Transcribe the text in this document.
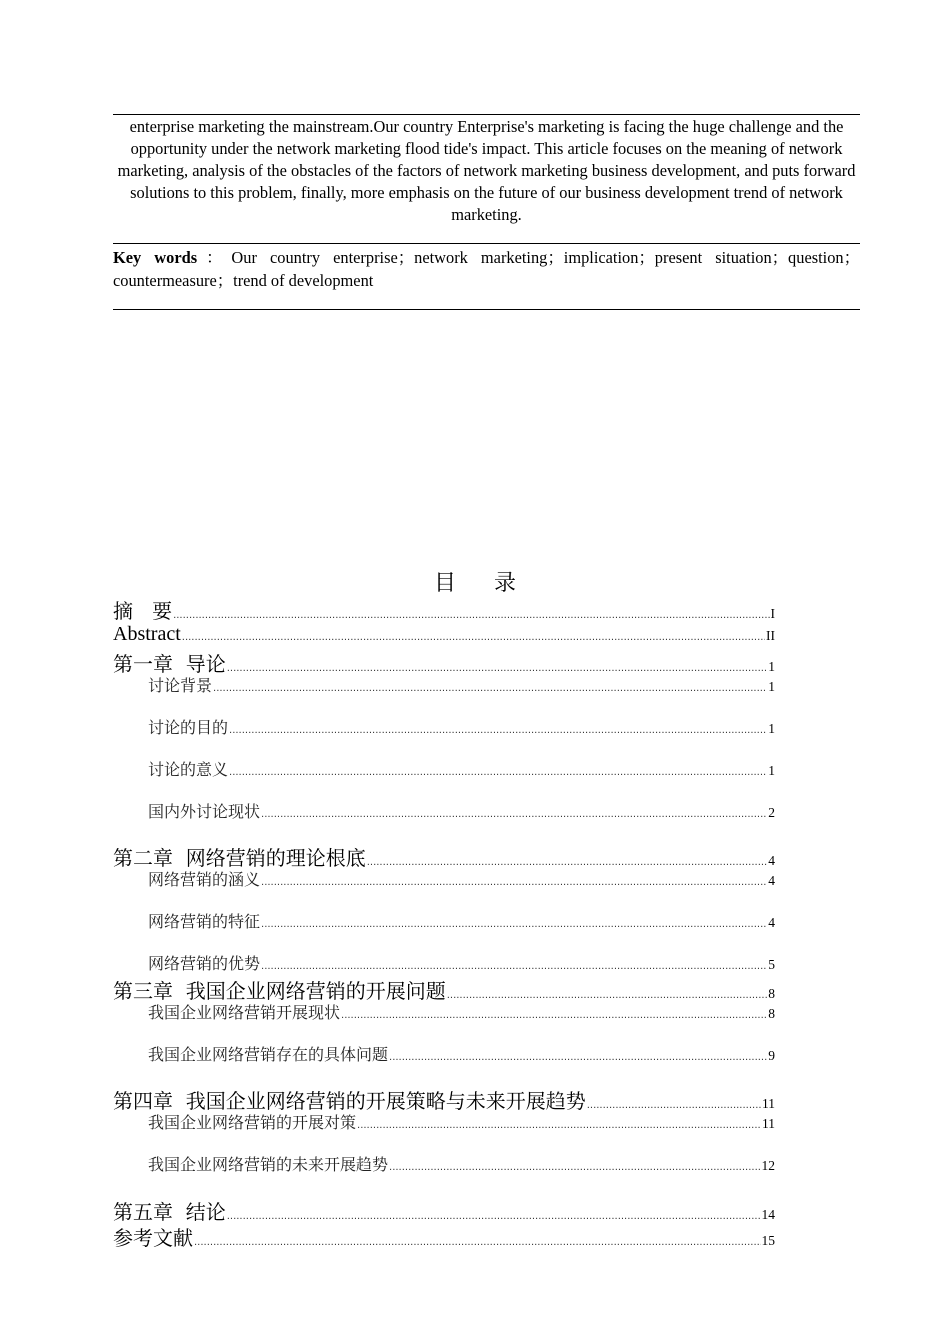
enterprise marketing the mainstream.Our country Enterprise's marketing is facing the huge challenge and the opportunity under the network marketing flood tide's impact. This article focuses on the meaning of network marketing, analysis of the obstacles of the factors of network marketing business development, and puts forward solutions to this problem, finally, more emphasis on the future of our business development trend of network marketing.
Key words：Our country enterprise；network marketing；implication；present situation；question； countermeasure；trend of development
目录
摘   要 .....	I
Abstract .....	II
第一章  导论 .....	1
讨论背景 .....	1
讨论的目的 .....	1
讨论的意义 .....	1
国内外讨论现状 .....	2
第二章  网络营销的理论根底 .....	4
网络营销的涵义 .....	4
网络营销的特征 .....	4
网络营销的优势 .....	5
第三章  我国企业网络营销的开展问题 .....	8
我国企业网络营销开展现状 .....	8
我国企业网络营销存在的具体问题 .....	9
第四章  我国企业网络营销的开展策略与未来开展趋势 .....	11
我国企业网络营销的开展对策 .....	11
我国企业网络营销的未来开展趋势 .....	12
第五章  结论 .....	14
参考文献 .....	15
